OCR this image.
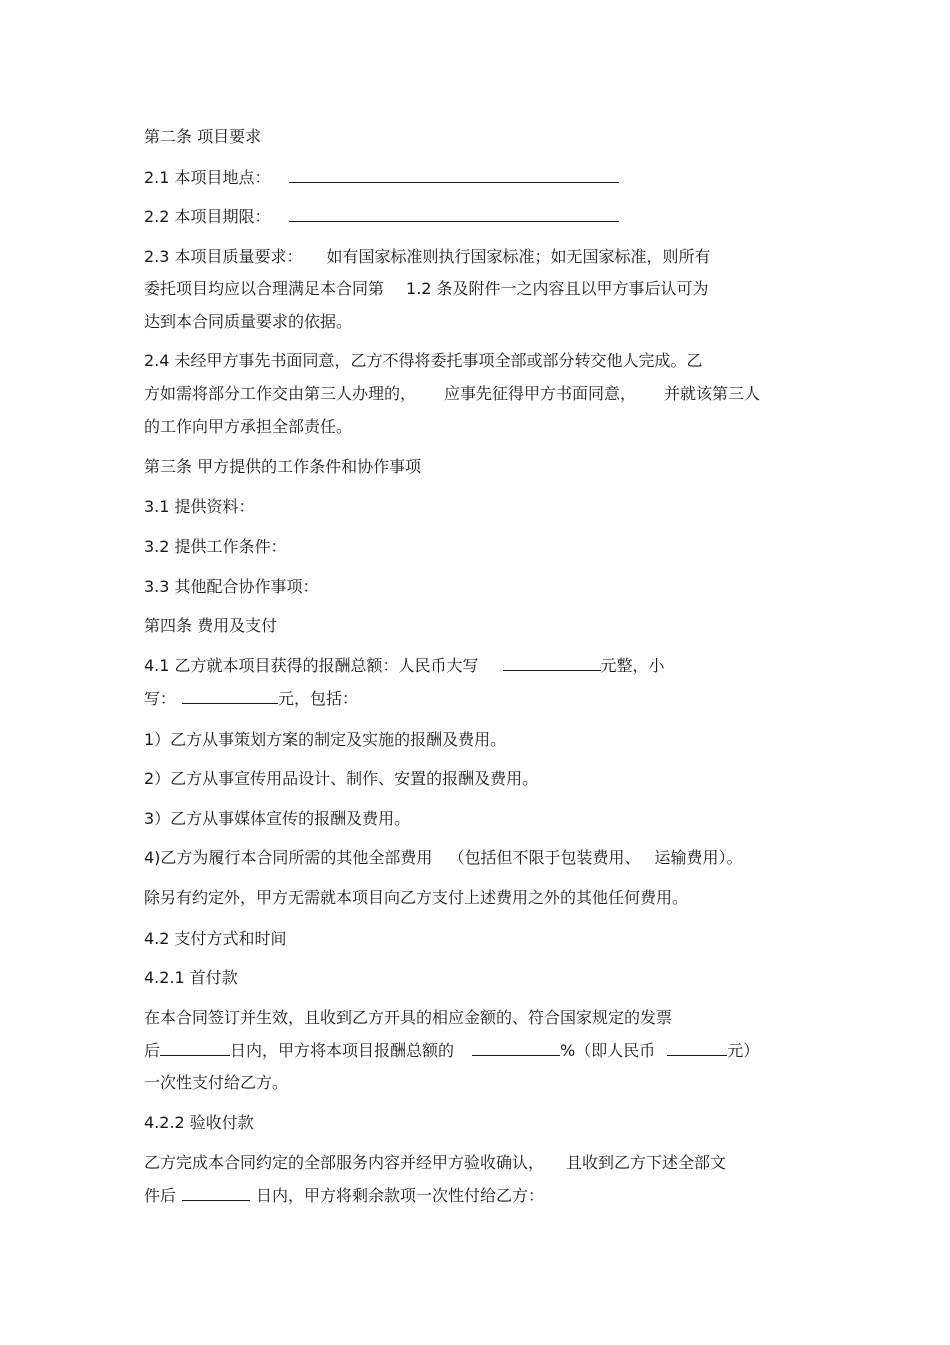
第二条 项目要求
2.1 本项目地点：
2.2 本项目期限：
2.3 本项目质量要求： 如有国家标准则执行国家标准；如无国家标准，则所有
委托项目均应以合理满足本合同第 1.2 条及附件一之内容且以甲方事后认可为
达到本合同质量要求的依据。
2.4 未经甲方事先书面同意，乙方不得将委托事项全部或部分转交他人完成。乙
方如需将部分工作交由第三人办理的， 应事先征得甲方书面同意， 并就该第三人
的工作向甲方承担全部责任。
第三条 甲方提供的工作条件和协作事项
3.1 提供资料：
3.2 提供工作条件：
3.3 其他配合协作事项：
第四条 费用及支付
4.1 乙方就本项目获得的报酬总额：人民币大写	元整，小
写：	元，包括：
1）乙方从事策划方案的制定及实施的报酬及费用。
2）乙方从事宣传用品设计、制作、安置的报酬及费用。
3）乙方从事媒体宣传的报酬及费用。
4)乙方为履行本合同所需的其他全部费用 （包括但不限于包装费用、 运输费用）。
除另有约定外，甲方无需就本项目向乙方支付上述费用之外的其他任何费用。
4.2 支付方式和时间
4.2.1 首付款
在本合同签订并生效，且收到乙方开具的相应金额的、符合国家规定的发票
后	日内，甲方将本项目报酬总额的	%（即人民币	元）
一次性支付给乙方。
4.2.2 验收付款
乙方完成本合同约定的全部服务内容并经甲方验收确认， 且收到乙方下述全部文
件后	日内，甲方将剩余款项一次性付给乙方：
